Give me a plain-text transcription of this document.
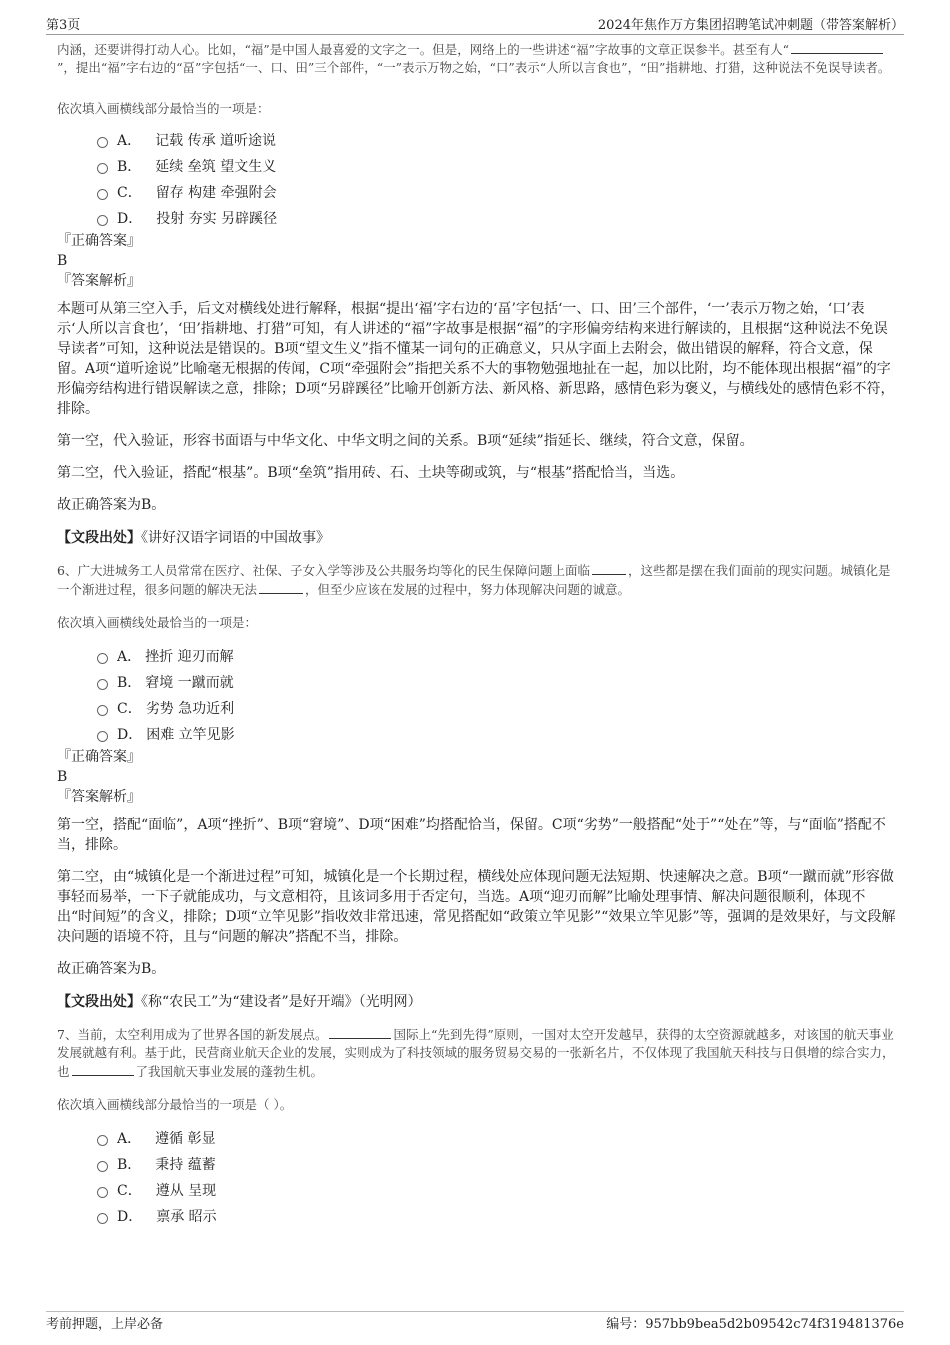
第3页	2024年焦作万方集团招聘笔试冲刺题（带答案解析）

内涵，还要讲得打动人心。比如，“福”是中国人最喜爱的文字之一。但是，网络上的一些讲述“福”字故事的文章正误参半。甚至有人“”，提出“福”字右边的“畐”字包括“一、口、田”三个部件，“一”表示万物之始，“口”表示“人所以言食也”，“田”指耕地、打猎，这种说法不免误导读者。

依次填入画横线部分最恰当的一项是：

A． 记载 传承 道听途说
B． 延续 垒筑 望文生义
C． 留存 构建 牵强附会
D． 投射 夯实 另辟蹊径

『正确答案』

B

『答案解析』

本题可从第三空入手，后文对横线处进行解释，根据“提出‘福’字右边的‘畐’字包括‘一、口、田’三个部件，‘一’表示万物之始，‘口’表示‘人所以言食也’，‘田’指耕地、打猎”可知，有人讲述的“福”字故事是根据“福”的字形偏旁结构来进行解读的，且根据“这种说法不免误导读者”可知，这种说法是错误的。B项“望文生义”指不懂某一词句的正确意义，只从字面上去附会，做出错误的解释，符合文意，保留。A项“道听途说”比喻毫无根据的传闻，C项“牵强附会”指把关系不大的事物勉强地扯在一起，加以比附，均不能体现出根据“福”的字形偏旁结构进行错误解读之意，排除；D项“另辟蹊径”比喻开创新方法、新风格、新思路，感情色彩为褒义，与横线处的感情色彩不符，排除。

第一空，代入验证，形容书面语与中华文化、中华文明之间的关系。B项“延续”指延长、继续，符合文意，保留。

第二空，代入验证，搭配“根基”。B项“垒筑”指用砖、石、土块等砌或筑，与“根基”搭配恰当，当选。

故正确答案为B。

【文段出处】《讲好汉语字词语的中国故事》

6、广大进城务工人员常常在医疗、社保、子女入学等涉及公共服务均等化的民生保障问题上面临	，这些都是摆在我们面前的现实问题。城镇化是一个渐进过程，很多问题的解决无法	，但至少应该在发展的过程中，努力体现解决问题的诚意。

依次填入画横线处最恰当的一项是：

A． 挫折 迎刃而解
B． 窘境 一蹴而就
C． 劣势 急功近利
D． 困难 立竿见影

『正确答案』

B

『答案解析』

第一空，搭配“面临”，A项“挫折”、B项“窘境”、D项“困难”均搭配恰当，保留。C项“劣势”一般搭配“处于”“处在”等，与“面临”搭配不当，排除。

第二空，由“城镇化是一个渐进过程”可知，城镇化是一个长期过程，横线处应体现问题无法短期、快速解决之意。B项“一蹴而就”形容做事轻而易举，一下子就能成功，与文意相符，且该词多用于否定句，当选。A项“迎刃而解”比喻处理事情、解决问题很顺利，体现不出“时间短”的含义，排除；D项“立竿见影”指收效非常迅速，常见搭配如“政策立竿见影”“效果立竿见影”等，强调的是效果好，与文段解决问题的语境不符，且与“问题的解决”搭配不当，排除。

故正确答案为B。

【文段出处】《称“农民工”为“建设者”是好开端》（光明网）

7、当前，太空利用成为了世界各国的新发展点。	国际上“先到先得”原则，一国对太空开发越早，获得的太空资源就越多，对该国的航天事业发展就越有利。基于此，民营商业航天企业的发展，实则成为了科技领域的服务贸易交易的一张新名片，不仅体现了我国航天科技与日俱增的综合实力，也	了我国航天事业发展的蓬勃生机。

依次填入画横线部分最恰当的一项是（ ）。

A． 遵循 彰显
B． 秉持 蕴蓄
C． 遵从 呈现
D． 禀承 昭示
考前押题，上岸必备	编号：957bb9bea5d2b09542c74f319481376e
